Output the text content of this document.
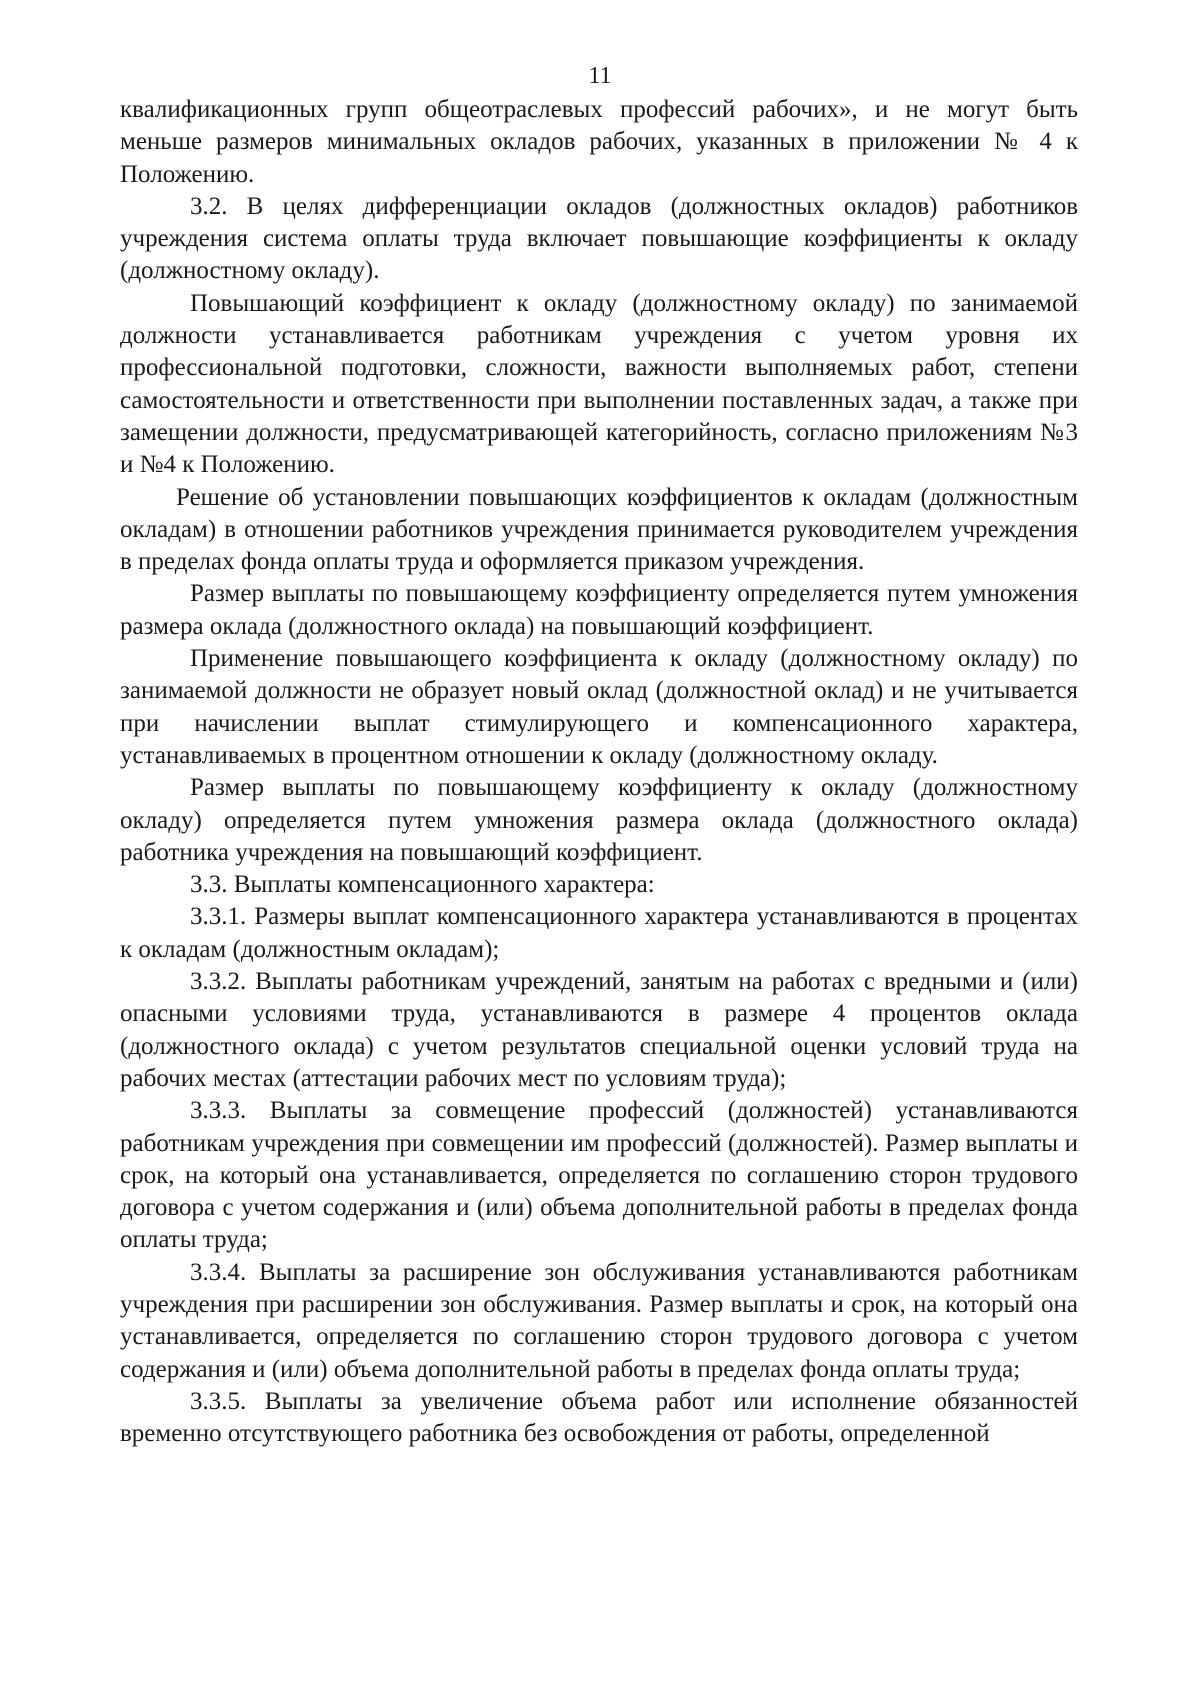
11

квалификационных групп общеотраслевых профессий рабочих», и не могут быть меньше размеров минимальных окладов рабочих, указанных в приложении № 4 к Положению.

3.2. В целях дифференциации окладов (должностных окладов) работников учреждения система оплаты труда включает повышающие коэффициенты к окладу (должностному окладу).

Повышающий коэффициент к окладу (должностному окладу) по занимаемой должности устанавливается работникам учреждения с учетом уровня их профессиональной подготовки, сложности, важности выполняемых работ, степени самостоятельности и ответственности при выполнении поставленных задач, а также при замещении должности, предусматривающей категорийность, согласно приложениям №3 и №4 к Положению.

Решение об установлении повышающих коэффициентов к окладам (должностным окладам) в отношении работников учреждения принимается руководителем учреждения в пределах фонда оплаты труда и оформляется приказом учреждения.

Размер выплаты по повышающему коэффициенту определяется путем умножения размера оклада (должностного оклада) на повышающий коэффициент.

Применение повышающего коэффициента к окладу (должностному окладу) по занимаемой должности не образует новый оклад (должностной оклад) и не учитывается при начислении выплат стимулирующего и компенсационного характера, устанавливаемых в процентном отношении к окладу (должностному окладу.

Размер выплаты по повышающему коэффициенту к окладу (должностному окладу) определяется путем умножения размера оклада (должностного оклада) работника учреждения на повышающий коэффициент.

3.3. Выплаты компенсационного характера:

3.3.1. Размеры выплат компенсационного характера устанавливаются в процентах к окладам (должностным окладам);

3.3.2. Выплаты работникам учреждений, занятым на работах с вредными и (или) опасными условиями труда, устанавливаются в размере 4 процентов оклада (должностного оклада) с учетом результатов специальной оценки условий труда на рабочих местах (аттестации рабочих мест по условиям труда);

3.3.3. Выплаты за совмещение профессий (должностей) устанавливаются работникам учреждения при совмещении им профессий (должностей). Размер выплаты и срок, на который она устанавливается, определяется по соглашению сторон трудового договора с учетом содержания и (или) объема дополнительной работы в пределах фонда оплаты труда;

3.3.4. Выплаты за расширение зон обслуживания устанавливаются работникам учреждения при расширении зон обслуживания. Размер выплаты и срок, на который она устанавливается, определяется по соглашению сторон трудового договора с учетом содержания и (или) объема дополнительной работы в пределах фонда оплаты труда;

3.3.5. Выплаты за увеличение объема работ или исполнение обязанностей временно отсутствующего работника без освобождения от работы, определенной
